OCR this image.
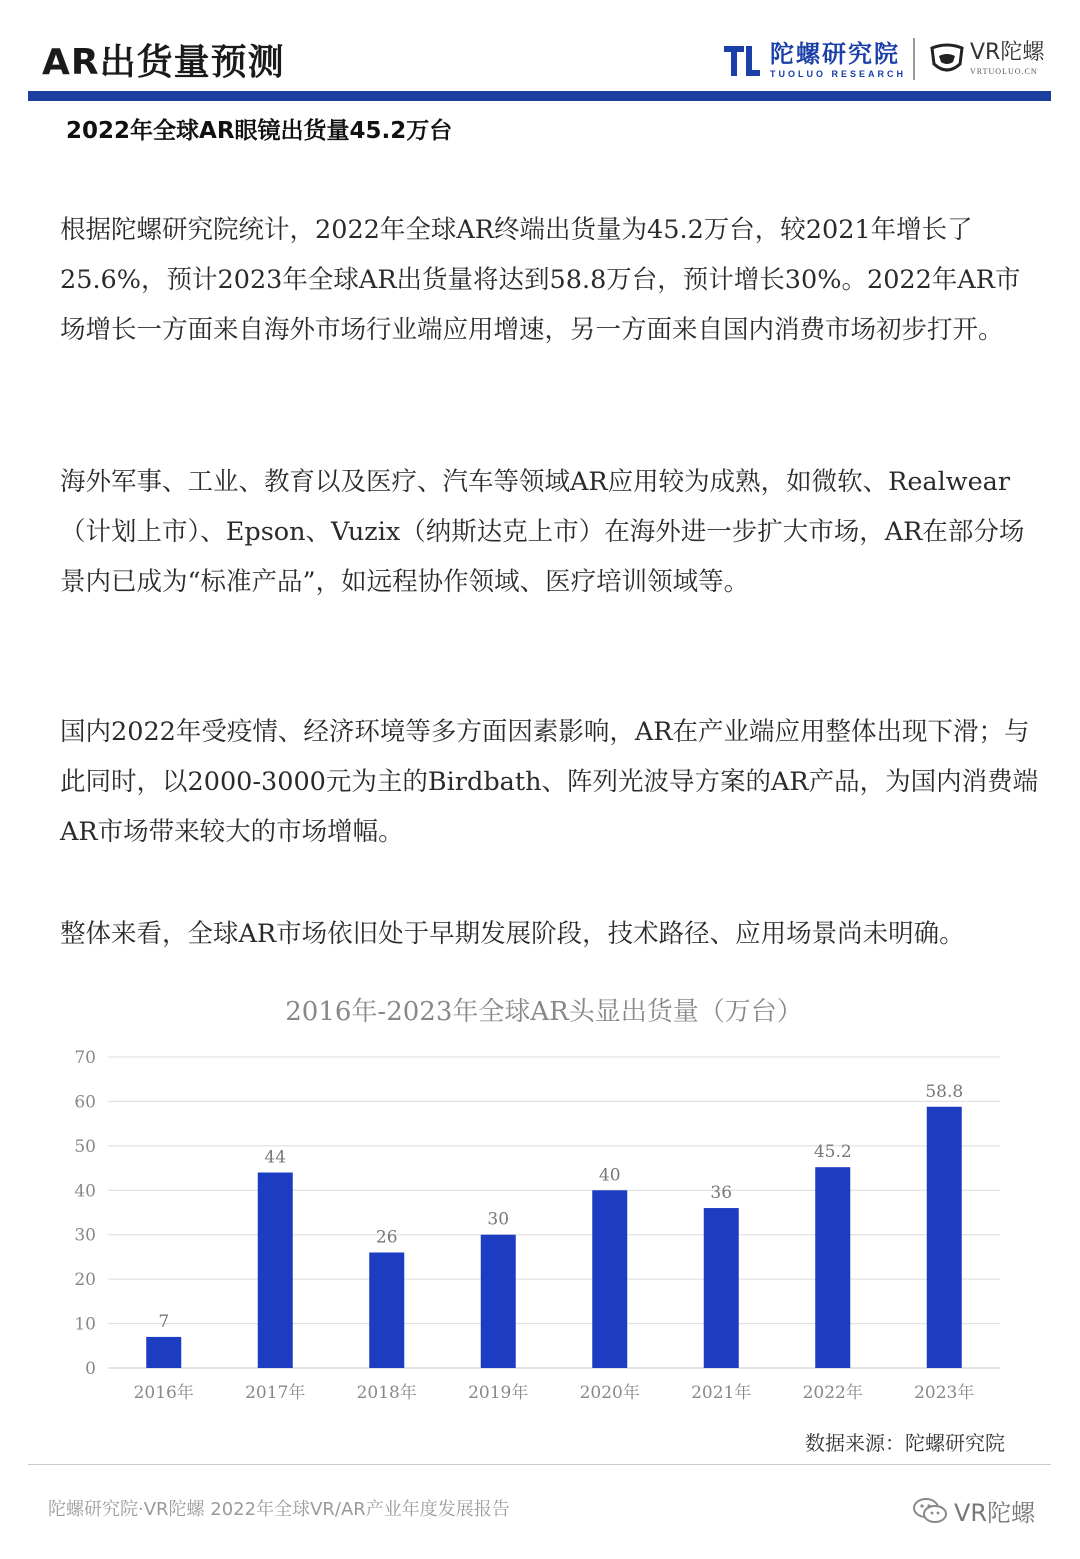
AR出货量预测	陀螺研究院
TUOLUO RESEARCH
VR陀螺
VRTUOLUO.CN
2022年全球AR眼镜出货量45.2万台

根据陀螺研究院统计，2022年全球AR终端出货量为45.2万台，较2021年增长了25.6%，预计2023年全球AR出货量将达到58.8万台，预计增长30%。2022年AR市场增长一方面来自海外市场行业端应用增速，另一方面来自国内消费市场初步打开。

海外军事、工业、教育以及医疗、汽车等领域AR应用较为成熟，如微软、Realwear（计划上市）、Epson、Vuzix（纳斯达克上市）在海外进一步扩大市场，AR在部分场景内已成为“标准产品”，如远程协作领域、医疗培训领域等。

国内2022年受疫情、经济环境等多方面因素影响，AR在产业端应用整体出现下滑；与此同时，以2000-3000元为主的Birdbath、阵列光波导方案的AR产品，为国内消费端AR市场带来较大的市场增幅。

整体来看，全球AR市场依旧处于早期发展阶段，技术路径、应用场景尚未明确。

2016年-2023年全球AR头显出货量（万台）
0
10
20
30
40
50
60
70
7
2016年
44
2017年
26
2018年
30
2019年
40
2020年
36
2021年
45.2
2022年
58.8
2023年
数据来源：陀螺研究院
陀螺研究院·VR陀螺 2022年全球VR/AR产业年度发展报告	VR陀螺
